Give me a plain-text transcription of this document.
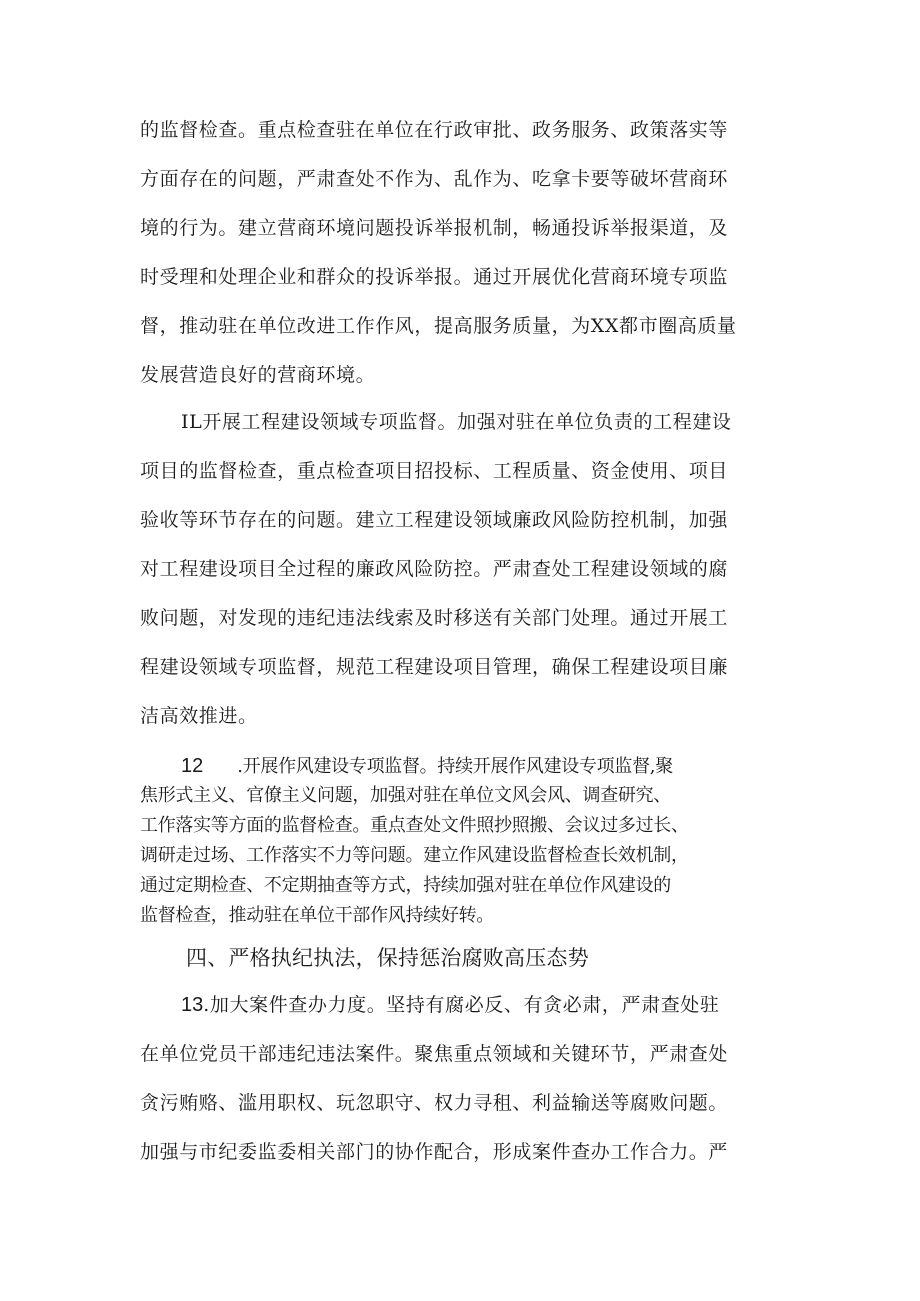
的监督检查。重点检查驻在单位在行政审批、政务服务、政策落实等
方面存在的问题，严肃查处不作为、乱作为、吃拿卡要等破坏营商环
境的行为。建立营商环境问题投诉举报机制，畅通投诉举报渠道，及
时受理和处理企业和群众的投诉举报。通过开展优化营商环境专项监
督，推动驻在单位改进工作作风，提高服务质量，为XX都市圈高质量
发展营造良好的营商环境。
IL开展工程建设领域专项监督。加强对驻在单位负责的工程建设
项目的监督检查，重点检查项目招投标、工程质量、资金使用、项目
验收等环节存在的问题。建立工程建设领域廉政风险防控机制，加强
对工程建设项目全过程的廉政风险防控。严肃查处工程建设领域的腐
败问题，对发现的违纪违法线索及时移送有关部门处理。通过开展工
程建设领域专项监督，规范工程建设项目管理，确保工程建设项目廉
洁高效推进。
12 .开展作风建设专项监督。持续开展作风建设专项监督,聚
焦形式主义、官僚主义问题，加强对驻在单位文风会风、调查研究、
工作落实等方面的监督检查。重点查处文件照抄照搬、会议过多过长、
调研走过场、工作落实不力等问题。建立作风建设监督检查长效机制，
通过定期检查、不定期抽查等方式，持续加强对驻在单位作风建设的
监督检查，推动驻在单位干部作风持续好转。
四、严格执纪执法，保持惩治腐败高压态势
13.加大案件查办力度。坚持有腐必反、有贪必肃，严肃查处驻
在单位党员干部违纪违法案件。聚焦重点领域和关键环节，严肃查处
贪污贿赂、滥用职权、玩忽职守、权力寻租、利益输送等腐败问题。
加强与市纪委监委相关部门的协作配合，形成案件查办工作合力。严
